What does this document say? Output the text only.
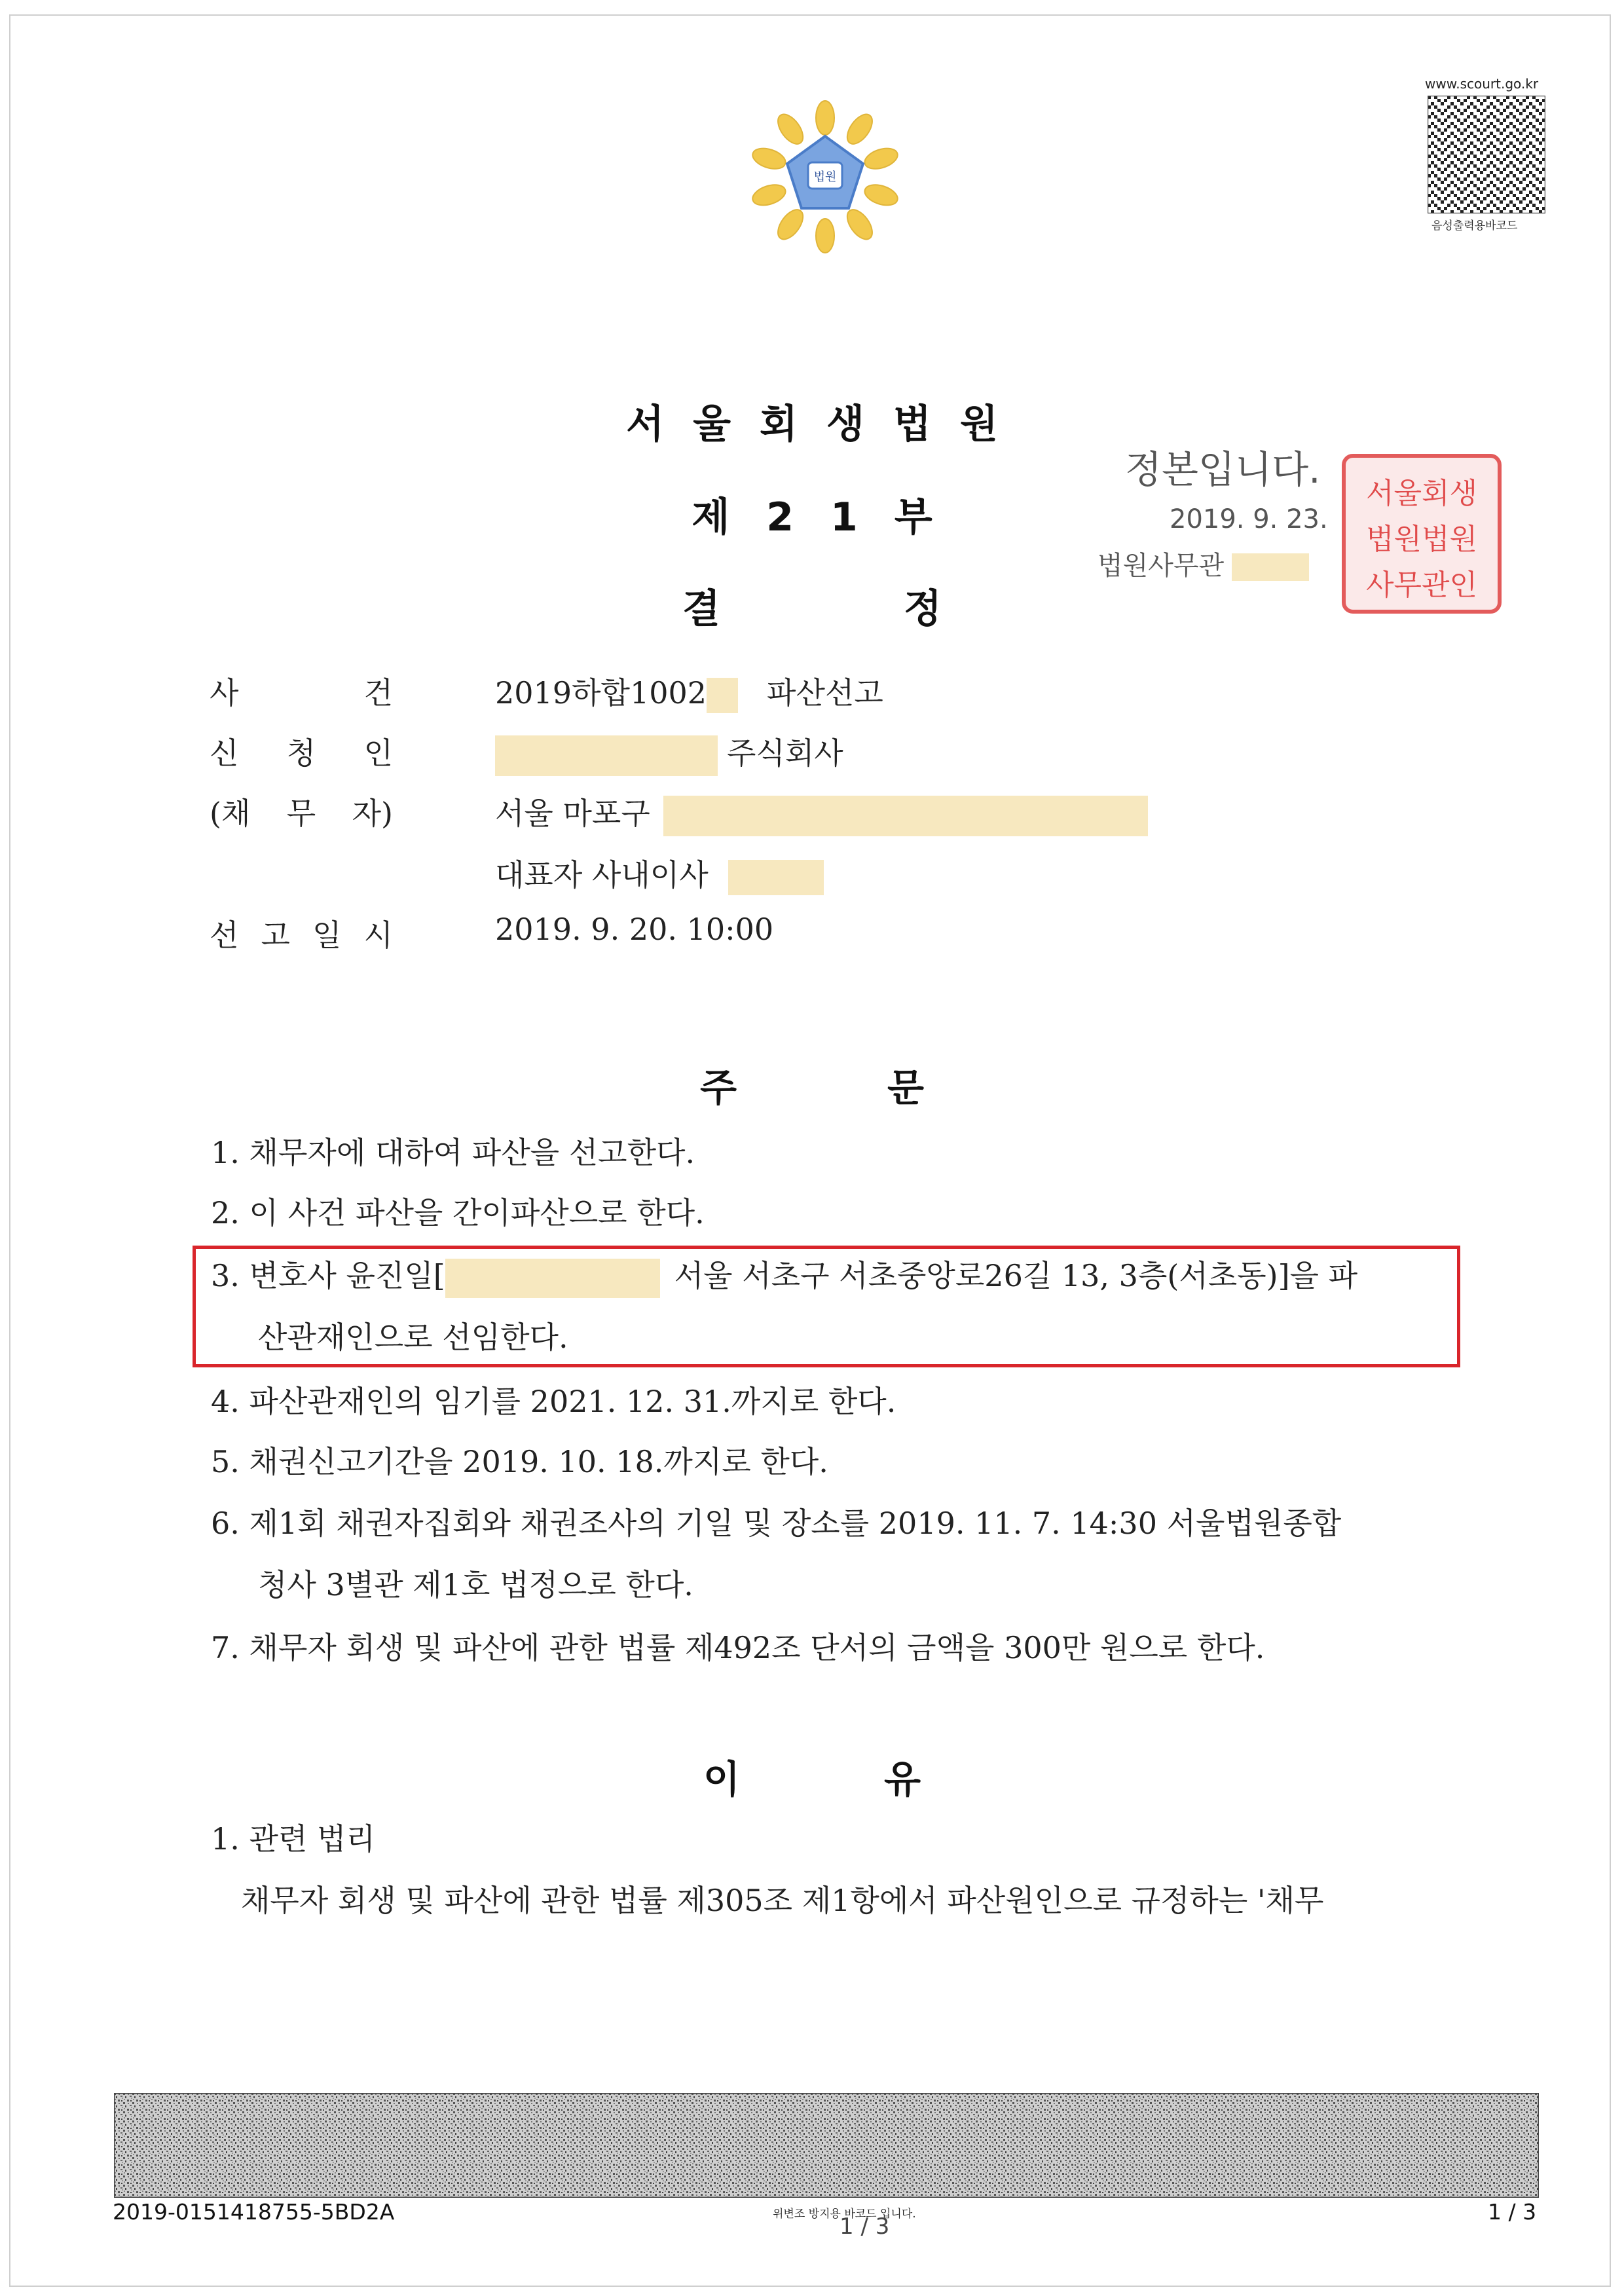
법원
www.scourt.go.kr
음성출력용바코드
서 울 회 생 법 원
제 2 1 부
결	정
정본입니다.
2019. 9. 23.
법원사무관
서울회생
법원법원
사무관인
사	건	2019하합1002 파산선고
신 청 인	주식회사
(채 무 자)	서울 마포구
대표자 사내이사
선 고 일 시	2019. 9. 20. 10:00
주	문
1. 채무자에 대하여 파산을 선고한다.
2. 이 사건 파산을 간이파산으로 한다.
3. 변호사 윤진일[	서울 서초구 서초중앙로26길 13, 3층(서초동)]을 파
산관재인으로 선임한다.
4. 파산관재인의 임기를 2021. 12. 31.까지로 한다.
5. 채권신고기간을 2019. 10. 18.까지로 한다.
6. 제1회 채권자집회와 채권조사의 기일 및 장소를 2019. 11. 7. 14:30 서울법원종합
청사 3별관 제1호 법정으로 한다.
7. 채무자 회생 및 파산에 관한 법률 제492조 단서의 금액을 300만 원으로 한다.
이	유
1. 관련 법리
채무자 회생 및 파산에 관한 법률 제305조 제1항에서 파산원인으로 규정하는 '채무
2019-0151418755-5BD2A	위변조 방지용 바코드 입니다.
1 / 3
1 / 3
